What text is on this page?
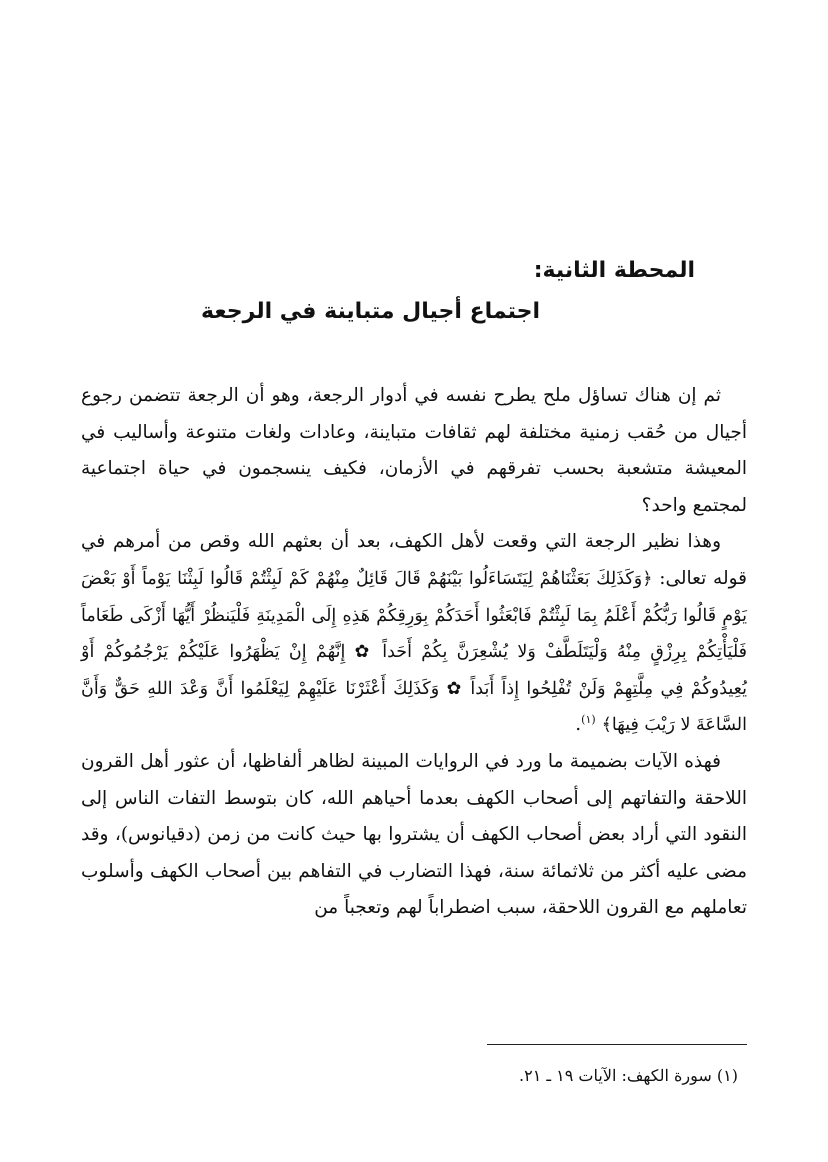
المحطة الثانية:
اجتماع أجيال متباينة في الرجعة

ثم إن هناك تساؤل ملح يطرح نفسه في أدوار الرجعة، وهو أن الرجعة تتضمن رجوع أجيال من حُقب زمنية مختلفة لهم ثقافات متباينة، وعادات ولغات متنوعة وأساليب في المعيشة متشعبة بحسب تفرقهم في الأزمان، فكيف ينسجمون في حياة اجتماعية لمجتمع واحد؟

وهذا نظير الرجعة التي وقعت لأهل الكهف، بعد أن بعثهم الله وقص من أمرهم في قوله تعالى: ﴿وَكَذَلِكَ بَعَثْنَاهُمْ لِيَتَسَاءَلُوا بَيْنَهُمْ قَالَ قَائِلٌ مِنْهُمْ كَمْ لَبِثْتُمْ قَالُوا لَبِثْنَا يَوْماً أَوْ بَعْضَ يَوْمٍ قَالُوا رَبُّكُمْ أَعْلَمُ بِمَا لَبِثْتُمْ فَابْعَثُوا أَحَدَكُمْ بِوَرِقِكُمْ هَذِهِ إِلَى الْمَدِينَةِ فَلْيَنظُرْ أَيُّهَا أَزْكَى طَعَاماً فَلْيَأْتِكُمْ بِرِزْقٍ مِنْهُ وَلْيَتَلَطَّفْ وَلا يُشْعِرَنَّ بِكُمْ أَحَداً ✿ إِنَّهُمْ إِنْ يَظْهَرُوا عَلَيْكُمْ يَرْجُمُوكُمْ أَوْ يُعِيدُوكُمْ فِي مِلَّتِهِمْ وَلَنْ تُفْلِحُوا إِذاً أَبَداً ✿ وَكَذَلِكَ أَعْثَرْنَا عَلَيْهِمْ لِيَعْلَمُوا أَنَّ وَعْدَ اللهِ حَقٌّ وَأَنَّ السَّاعَةَ لا رَيْبَ فِيهَا﴾ $^{(١)}$.

فهذه الآيات بضميمة ما ورد في الروايات المبينة لظاهر ألفاظها، أن عثور أهل القرون اللاحقة والتفاتهم إلى أصحاب الكهف بعدما أحياهم الله، كان بتوسط التفات الناس إلى النقود التي أراد بعض أصحاب الكهف أن يشتروا بها حيث كانت من زمن (دقيانوس)، وقد مضى عليه أكثر من ثلاثمائة سنة، فهذا التضارب في التفاهم بين أصحاب الكهف وأسلوب تعاملهم مع القرون اللاحقة، سبب اضطراباً لهم وتعجباً من

(١) سورة الكهف: الآيات ١٩ ـ ٢١.
